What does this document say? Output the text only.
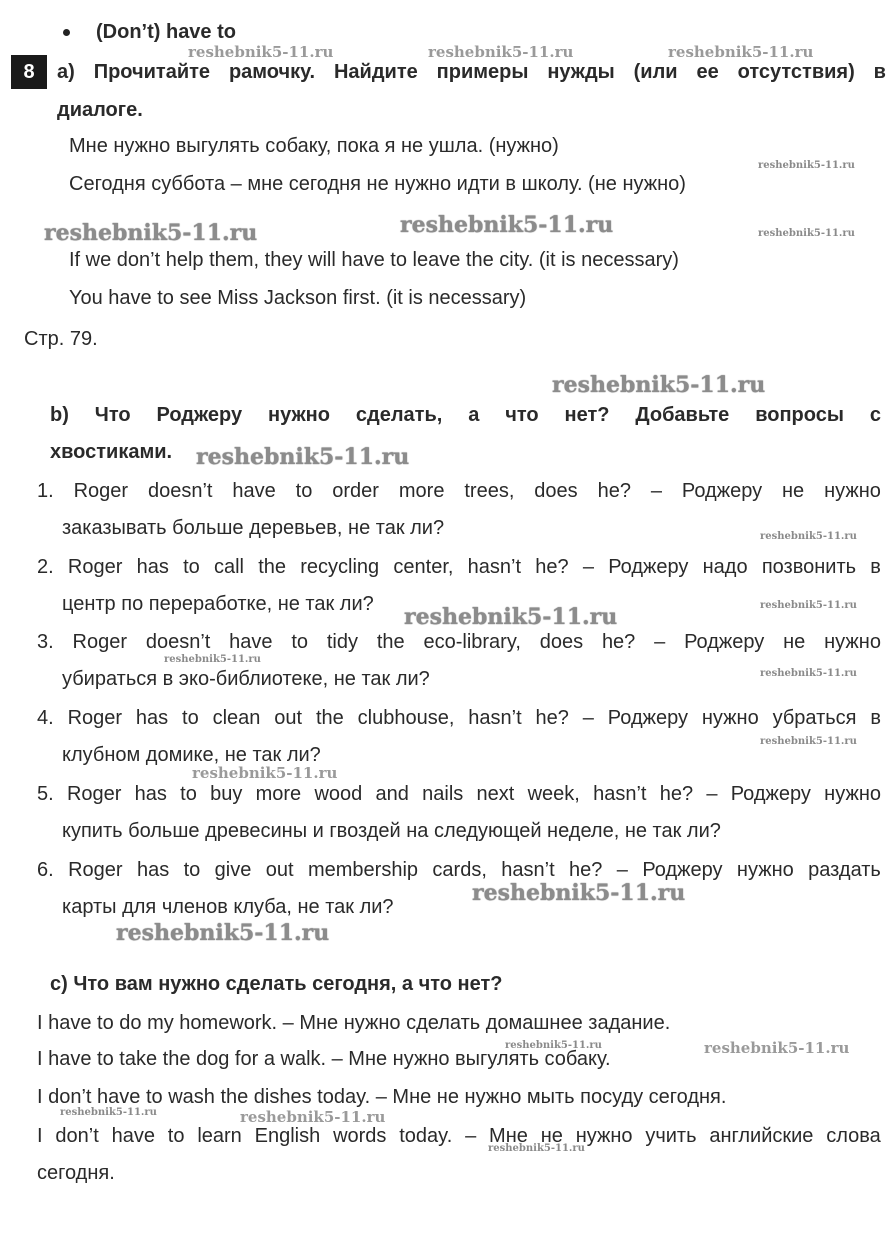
(Don’t) have to
8	a) Прочитайте рамочку. Найдите примеры нужды (или ее отсутствия) в
диалоге.
Мне нужно выгулять собаку, пока я не ушла. (нужно)
Сегодня суббота – мне сегодня не нужно идти в школу. (не нужно)
If we don’t help them, they will have to leave the city. (it is necessary)
You have to see Miss Jackson first. (it is necessary)
Стр. 79.
b) Что Роджеру нужно сделать, а что нет? Добавьте вопросы с
хвостиками.
1. Roger doesn’t have to order more trees, does he? – Роджеру не нужно
заказывать больше деревьев, не так ли?
2. Roger has to call the recycling center, hasn’t he? – Роджеру надо позвонить в
центр по переработке, не так ли?
3. Roger doesn’t have to tidy the eco-library, does he? – Роджеру не нужно
убираться в эко-библиотеке, не так ли?
4. Roger has to clean out the clubhouse, hasn’t he? – Роджеру нужно убраться в
клубном домике, не так ли?
5. Roger has to buy more wood and nails next week, hasn’t he? – Роджеру нужно
купить больше древесины и гвоздей на следующей неделе, не так ли?
6. Roger has to give out membership cards, hasn’t he? – Роджеру нужно раздать
карты для членов клуба, не так ли?
c) Что вам нужно сделать сегодня, а что нет?
I have to do my homework. – Мне нужно сделать домашнее задание.
I have to take the dog for a walk. – Мне нужно выгулять собаку.
I don’t have to wash the dishes today. – Мне не нужно мыть посуду сегодня.
I don’t have to learn English words today. – Мне не нужно учить английские слова
сегодня.
reshebnik5-11.ru	reshebnik5-11.ru	reshebnik5-11.ru
reshebnik5-11.ru
reshebnik5-11.ru	reshebnik5-11.ru	reshebnik5-11.ru
reshebnik5-11.ru
reshebnik5-11.ru
reshebnik5-11.ru
reshebnik5-11.ru
reshebnik5-11.ru
reshebnik5-11.ru
reshebnik5-11.ru
reshebnik5-11.ru
reshebnik5-11.ru
reshebnik5-11.ru
reshebnik5-11.ru
reshebnik5-11.ru	reshebnik5-11.ru
reshebnik5-11.ru	reshebnik5-11.ru
reshebnik5-11.ru
